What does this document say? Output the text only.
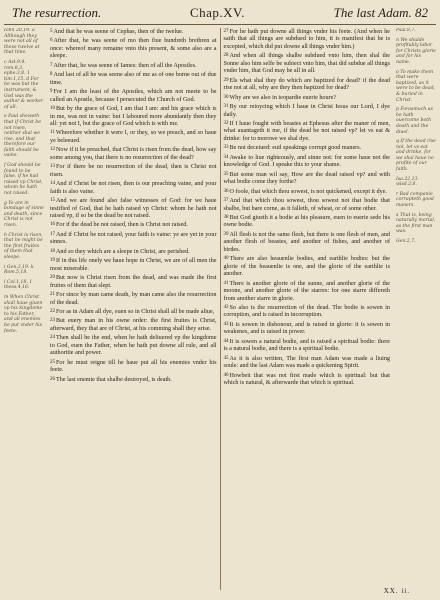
The resurrection.	Chap.XV.	The last Adam. 82
Iohn 20,19. a Although they were not all of those twelve at that time.
c Ast.9,4. rom.8,3. ephe.3,8. 1 tim.1,15. d For he was but the instrument, & God was the author & worker of all.
e Paul sheweth that if Christ be not risen, neither shal we rise, and that therefore our faith should be vaine.
f God should be found to be false, if he had raised vp Christ, whom he hath not raised.
g Ye are in bondage of sinne and death, since Christ is not risen.
h Christ is risen, that he might be the first fruites of them that sleepe.
i Gen.3,19. k Rom.5,18.
l Col.1,18. 1 thess.4,16.
m When Christ shall haue giuen vp his kingdome to his Father, and all enemies be put vnder his feete.

5And that he was seene of Cephas, then of the twelue.

6After that, he was seene of mo then fiue hundreth brethren at once: whereof many remaine vnto this present, & some also are a sleepe.

7After that, he was seene of Iames: then of all the Apostles.

8And last of all he was seene also of me as of one borne out of due time.

9For I am the least of the Apostles, which am not meete to be called an Apostle, because I persecuted the Church of God.

10But by the grace of God, I am that I am: and his grace which is in me, was not in vaine: but I laboured more abundantly then they all: yet not I, but the grace of God which is with me.

11Wherefore whether it were I, or they, so we preach, and so haue ye beleeued.

12Now if it be preached, that Christ is risen from the dead, how say some among you, that there is no resurrection of the dead?

13For if there be no resurrection of the dead, then is Christ not risen.

14And if Christ be not risen, then is our preaching vaine, and your faith is also vaine.

15And we are found also false witnesses of God: for we haue testified of God, that he hath raised vp Christ: whom he hath not raised vp, if so be the dead be not raised.

16For if the dead be not raised, then is Christ not raised.

17And if Christ be not raised, your faith is vaine: ye are yet in your sinnes.

18And so they which are a sleepe in Christ, are perished.

19If in this life onely we haue hope in Christ, we are of all men the most miserable.

20But now is Christ risen from the dead, and was made the first fruites of them that slept.

21For since by man came death, by man came also the resurrection of the dead.

22For as in Adam all dye, euen so in Christ shall all be made aliue,

23But euery man in his owne order: the first fruites is Christ, afterward, they that are of Christ, at his comming shall they arise.

24Then shall be the end, when he hath deliuered vp the kingdome to God, euen the Father, when he hath put downe all rule, and all authoritie and power.

25For he must reigne till he haue put all his enemies vnder his feete.

26The last enemie that shalbe destroyed, is death.

27For he hath put downe all things vnder his feete. (And when he saith that all things are subdued to him, it is manifest that he is excepted, which did put downe all things vnder him.)

28And when all things shalbe subdued vnto him, then shal the Sonne also him selfe be subiect vnto him, that did subdue all things vnder him, that God may be all in all.

29Els what shal they do which are baptized for dead? if the dead rise not at all, why are they then baptized for dead?

30Why are we also in ieopardie euerie houre?

31By our reioycing which I haue in Christ Iesus our Lord, I dye daily.

32If I haue fought with beastes at Ephesus after the maner of men, what auantageth it me, if the dead be not raised vp? let vs eat & drinke: for to morowe we shal dye.

33Be not deceiued: euil speakings corrupt good maners.

34Awake to liue righteously, and sinne not: for some haue not the knowledge of God. I speake this to your shame.

35But some man wil say, How are the dead raised vp? and with what bodie come they forthe?

36O foole, that which thou sowest, is not quickened, except it dye.

37And that which thou sowest, thou sowest not that bodie that shalbe, but bare corne, as it falleth, of wheat, or of some other.

38But God giueth it a bodie at his pleasure, euen to euerie sede his owne bodie.

39All flesh is not the same flesh, but there is one flesh of men, and another flesh of beastes, and another of fishes, and another of birdes.

40There are also heauenlie bodies, and earthlie bodies: but the glorie of the heauenlie is one, and the glorie of the earthlie is another.

41There is another glorie of the sunne, and another glorie of the moone, and another glorie of the starres: for one starre differeth from another starre in glorie.

42So also is the resurrection of the dead. The bodie is sowen in corruption, and is raised in incorruption.

43It is sowen in dishonour, and is raised in glorie: it is sowen in weakenes, and is raised in power.

44It is sowen a natural bodie, and is raised a spiritual bodie: there is a natural bodie, and there is a spiritual bodie.

45As it is also written, The first man Adam was made a liuing soule: and the last Adam was made a quickening Spirit.

46Howbeit that was not first made which is spiritual: but that which is natural, & afterwarde that which is spiritual.

Psal.8,7.
n We shulde profitably labor for Christs glorie and for his name.
o To make them that were baptized, as it were to be dead, & buried in Christ.
p Forasmuch as he hath ouercome both death and the diuel.
q If the dead rise not, let vs eat and drinke, for we shal haue no profite of our faith.
Isa.22,13. wisd.2,6.
r Bad companie corrupteth good maners.
s That is, being naturally mortal, as the first man was.
Gen.2,7.
XX. ii.
